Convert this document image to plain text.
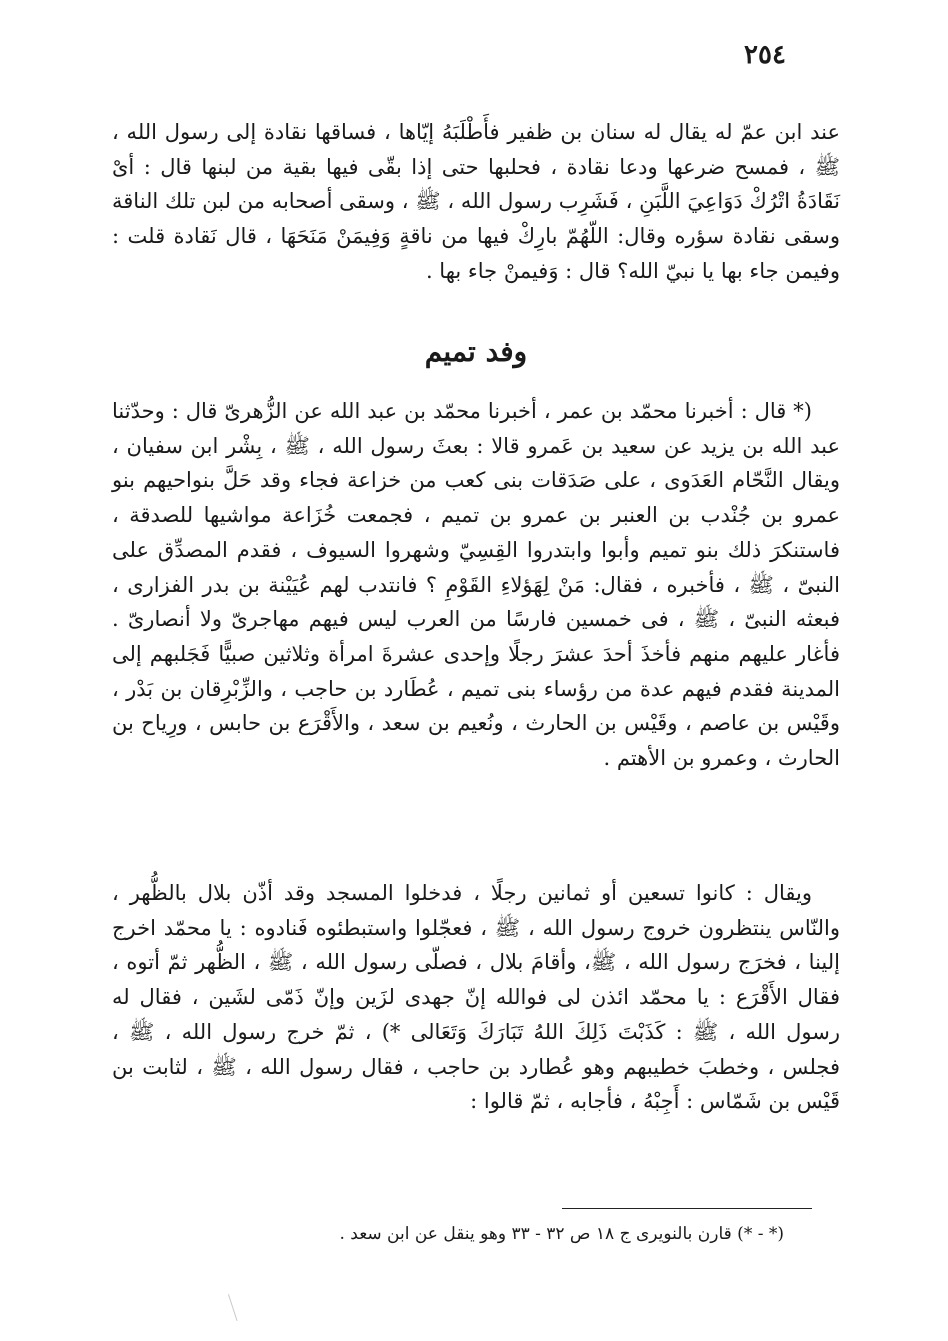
٢٥٤

عند ابن عمّ له يقال له سنان بن ظفير فأَطْلَبَهُ إيّاها ، فساقها نقادة إلى رسول الله ، ﷺ ، فمسح ضرعها ودعا نقادة ، فحلبها حتى إذا بقّى فيها بقية من لبنها قال : أىْ نَقَادَةُ اتْرُكْ دَوَاعِيَ اللَّبَنِ ، فَشَرِب رسول الله ، ﷺ ، وسقى أصحابه من لبن تلك الناقة وسقى نقادة سؤره وقال: اللّهُمّ بارِكْ فيها من ناقةٍ وَفِيمَنْ مَنَحَهَا ، قال نَقادة قلت : وفيمن جاء بها يا نبيّ الله؟ قال : وَفيمنْ جاء بها .

وفد تميم

(* قال : أخبرنا محمّد بن عمر ، أخبرنا محمّد بن عبد الله عن الزُّهرىّ قال : وحدّثنا عبد الله بن يزيد عن سعيد بن عَمرو قالا : بعثَ رسول الله ، ﷺ ، بِشْر ابن سفيان ، ويقال النَّحّام العَدَوى ، على صَدَقات بنى كعب من خزاعة فجاء وقد حَلَّ بنواحيهم بنو عمرو بن جُنْدب بن العنبر بن عمرو بن تميم ، فجمعت خُزَاعة مواشيها للصدقة ، فاستنكرَ ذلك بنو تميم وأبوا وابتدروا القِسِيّ وشهروا السيوف ، فقدم المصدِّق على النبىّ ، ﷺ ، فأخبره ، فقال: مَنْ لِهَؤلاءِ القَوْمِ ؟ فانتدب لهم عُيَيْنة بن بدر الفزارى ، فبعثه النبىّ ، ﷺ ، فى خمسين فارسًا من العرب ليس فيهم مهاجرىّ ولا أنصارىّ . فأغار عليهم منهم فأخذَ أحدَ عشرَ رجلًا وإحدى عشرةَ امرأة وثلاثين صبيًّا فَجَلبهم إلى المدينة فقدم فيهم عدة من رؤساء بنى تميم ، عُطَارد بن حاجب ، والزِّبْرِقان بن بَدْر ، وقَيْس بن عاصم ، وقَيْس بن الحارث ، ونُعيم بن سعد ، والأَقْرَع بن حابس ، ورِياح بن الحارث ، وعمرو بن الأهتم .

ويقال : كانوا تسعين أو ثمانين رجلًا ، فدخلوا المسجد وقد أذّن بلال بالظُّهر ، والنّاس ينتظرون خروج رسول الله ، ﷺ ، فعجّلوا واستبطئوه فَنادوه : يا محمّد اخرج إلينا ، فخرَج رسول الله ، ﷺ، وأقامَ بلال ، فصلّى رسول الله ، ﷺ ، الظُّهر ثمّ أتوه ، فقال الأَقْرَع : يا محمّد ائذن لى فوالله إنّ جهدى لزَين وإنّ ذَمّى لشَين ، فقال له رسول الله ، ﷺ : كَذَبْتَ ذَلِكَ اللهُ تَبَارَكَ وَتَعَالى *) ، ثمّ خرج رسول الله ، ﷺ ، فجلس ، وخطبَ خطيبهم وهو عُطارد بن حاجب ، فقال رسول الله ، ﷺ ، لثابت بن قَيْس بن شَمّاس : أَجِبْهُ ، فأجابه ، ثمّ قالوا :

(* - *) قارن بالنويرى ج ١٨ ص ٣٢ - ٣٣ وهو ينقل عن ابن سعد .
